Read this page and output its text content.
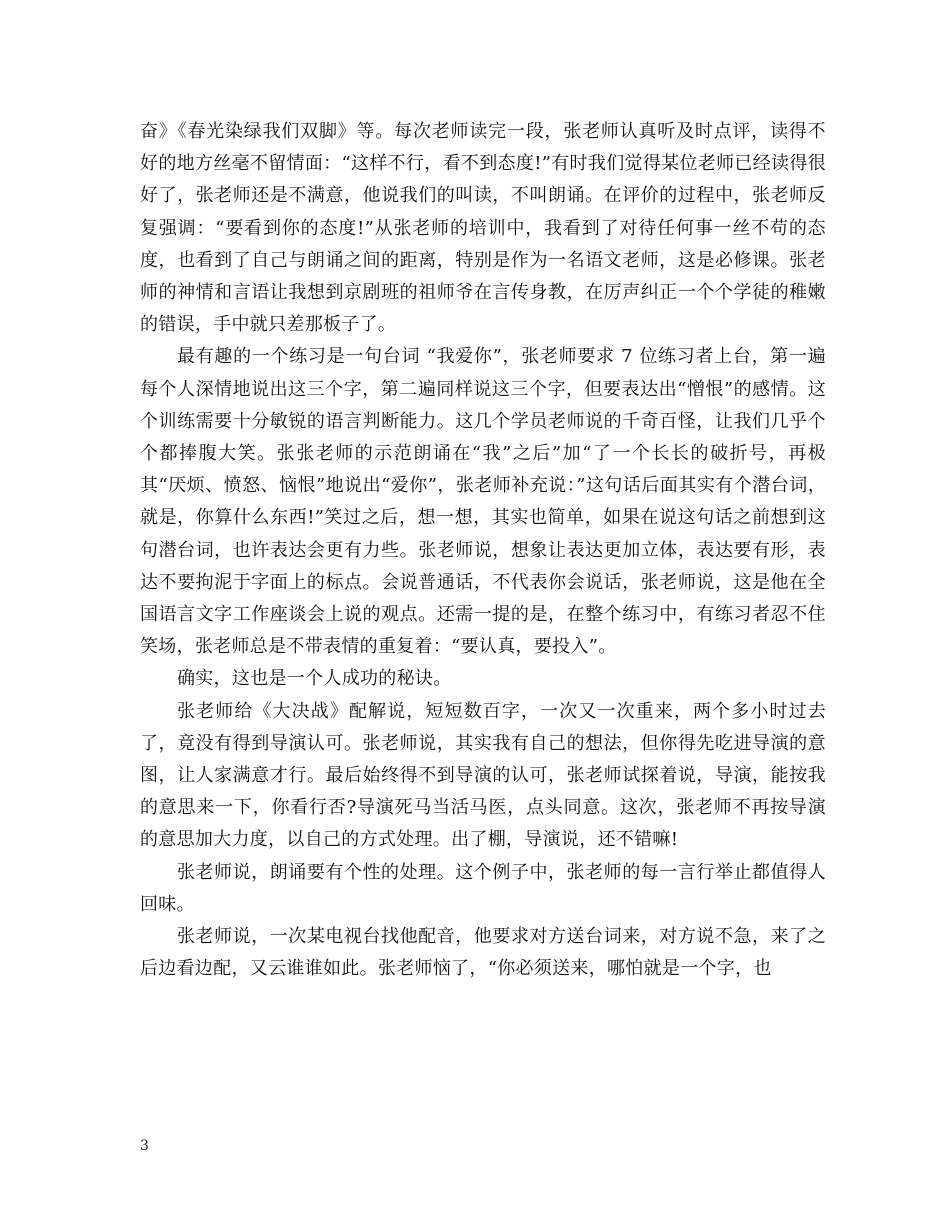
奋》《春光染绿我们双脚》等。每次老师读完一段，张老师认真听及时点评，读得不好的地方丝毫不留情面：“这样不行，看不到态度!”有时我们觉得某位老师已经读得很好了，张老师还是不满意，他说我们的叫读，不叫朗诵。在评价的过程中，张老师反复强调：“要看到你的态度!”从张老师的培训中，我看到了对待任何事一丝不苟的态度，也看到了自己与朗诵之间的距离，特别是作为一名语文老师，这是必修课。张老师的神情和言语让我想到京剧班的祖师爷在言传身教，在厉声纠正一个个学徒的稚嫩的错误，手中就只差那板子了。

最有趣的一个练习是一句台词 “我爱你”，张老师要求 7 位练习者上台，第一遍每个人深情地说出这三个字，第二遍同样说这三个字，但要表达出“憎恨”的感情。这个训练需要十分敏锐的语言判断能力。这几个学员老师说的千奇百怪，让我们几乎个个都捧腹大笑。张张老师的示范朗诵在“我”之后”加“了一个长长的破折号，再极其“厌烦、愤怒、恼恨”地说出“爱你”，张老师补充说：”这句话后面其实有个潜台词，就是，你算什么东西!”笑过之后，想一想，其实也简单，如果在说这句话之前想到这句潜台词，也许表达会更有力些。张老师说，想象让表达更加立体，表达要有形，表达不要拘泥于字面上的标点。会说普通话，不代表你会说话，张老师说，这是他在全国语言文字工作座谈会上说的观点。还需一提的是，在整个练习中，有练习者忍不住笑场，张老师总是不带表情的重复着：“要认真，要投入”。

确实，这也是一个人成功的秘诀。

张老师给《大决战》配解说，短短数百字，一次又一次重来，两个多小时过去了，竟没有得到导演认可。张老师说，其实我有自己的想法，但你得先吃进导演的意图，让人家满意才行。最后始终得不到导演的认可，张老师试探着说，导演，能按我的意思来一下，你看行否?导演死马当活马医，点头同意。这次，张老师不再按导演的意思加大力度，以自己的方式处理。出了棚，导演说，还不错嘛!

张老师说，朗诵要有个性的处理。这个例子中，张老师的每一言行举止都值得人回味。

张老师说，一次某电视台找他配音，他要求对方送台词来，对方说不急，来了之后边看边配，又云谁谁如此。张老师恼了，“你必须送来，哪怕就是一个字，也

3
